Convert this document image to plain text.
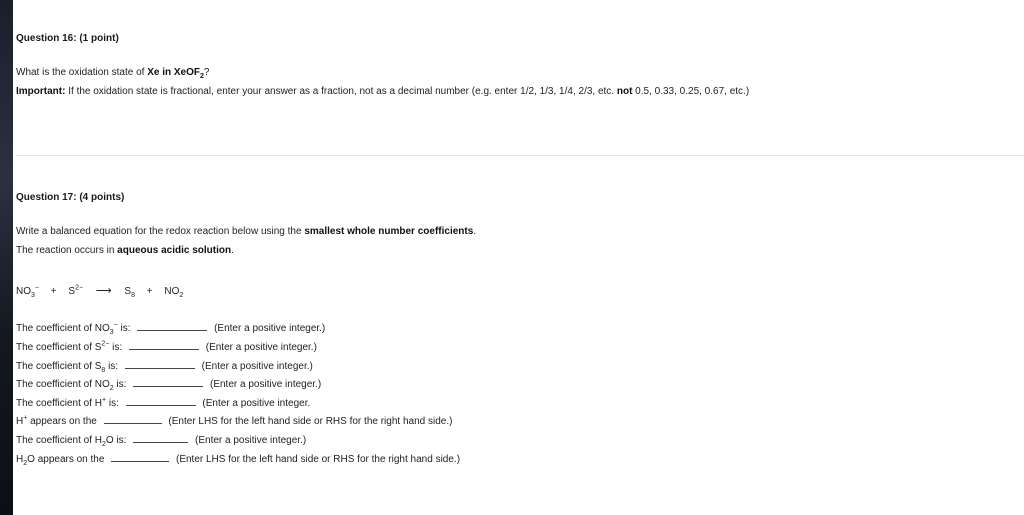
Question 16: (1 point)
What is the oxidation state of Xe in XeOF$_2$?
Important: If the oxidation state is fractional, enter your answer as a fraction, not as a decimal number (e.g. enter 1/2, 1/3, 1/4, 2/3, etc. not 0.5, 0.33, 0.25, 0.67, etc.)
Question 17: (4 points)
Write a balanced equation for the redox reaction below using the smallest whole number coefficients.
The reaction occurs in aqueous acidic solution.
$NO_3^- + S^{2-}$ ⟶ $S_8 + NO_2$
The coefficient of $NO_3^-$ is:	(Enter a positive integer.)
The coefficient of $S^{2-}$ is:	(Enter a positive integer.)
The coefficient of $S_8$ is:	(Enter a positive integer.)
The coefficient of $NO_2$ is:	(Enter a positive integer.)
The coefficient of H+ is:	(Enter a positive integer.
H+ appears on the	(Enter LHS for the left hand side or RHS for the right hand side.)
The coefficient of $H_2O$ is:	(Enter a positive integer.)
$H_2O$ appears on the	(Enter LHS for the left hand side or RHS for the right hand side.)
